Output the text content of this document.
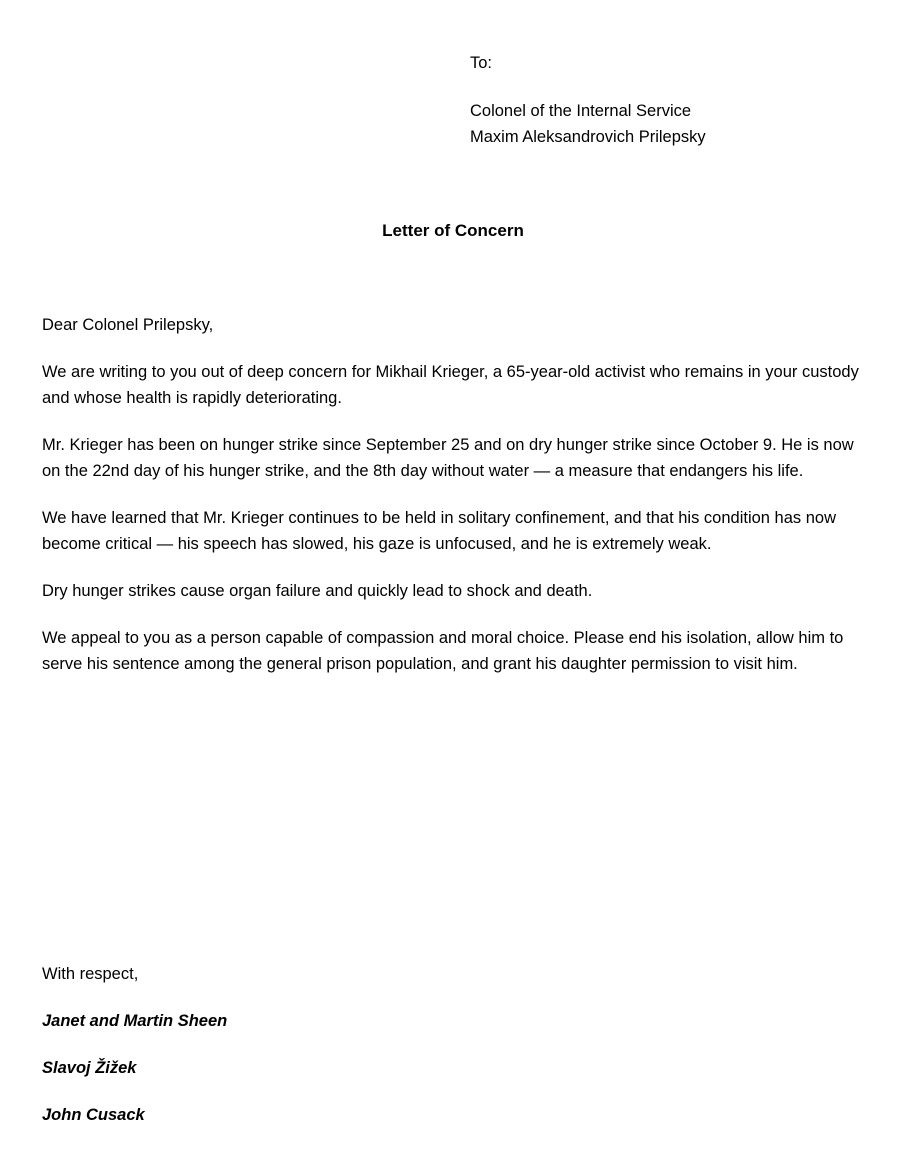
To:

Colonel of the Internal Service

Maxim Aleksandrovich Prilepsky

Letter of Concern

Dear Colonel Prilepsky,

We are writing to you out of deep concern for Mikhail Krieger, a 65-year-old activist who remains in your custody and whose health is rapidly deteriorating.

Mr. Krieger has been on hunger strike since September 25 and on dry hunger strike since October 9. He is now on the 22nd day of his hunger strike, and the 8th day without water — a measure that endangers his life.

We have learned that Mr. Krieger continues to be held in solitary confinement, and that his condition has now become critical — his speech has slowed, his gaze is unfocused, and he is extremely weak.

Dry hunger strikes cause organ failure and quickly lead to shock and death.

We appeal to you as a person capable of compassion and moral choice. Please end his isolation, allow him to serve his sentence among the general prison population, and grant his daughter permission to visit him.

With respect,

Janet and Martin Sheen

Slavoj Žižek

John Cusack
